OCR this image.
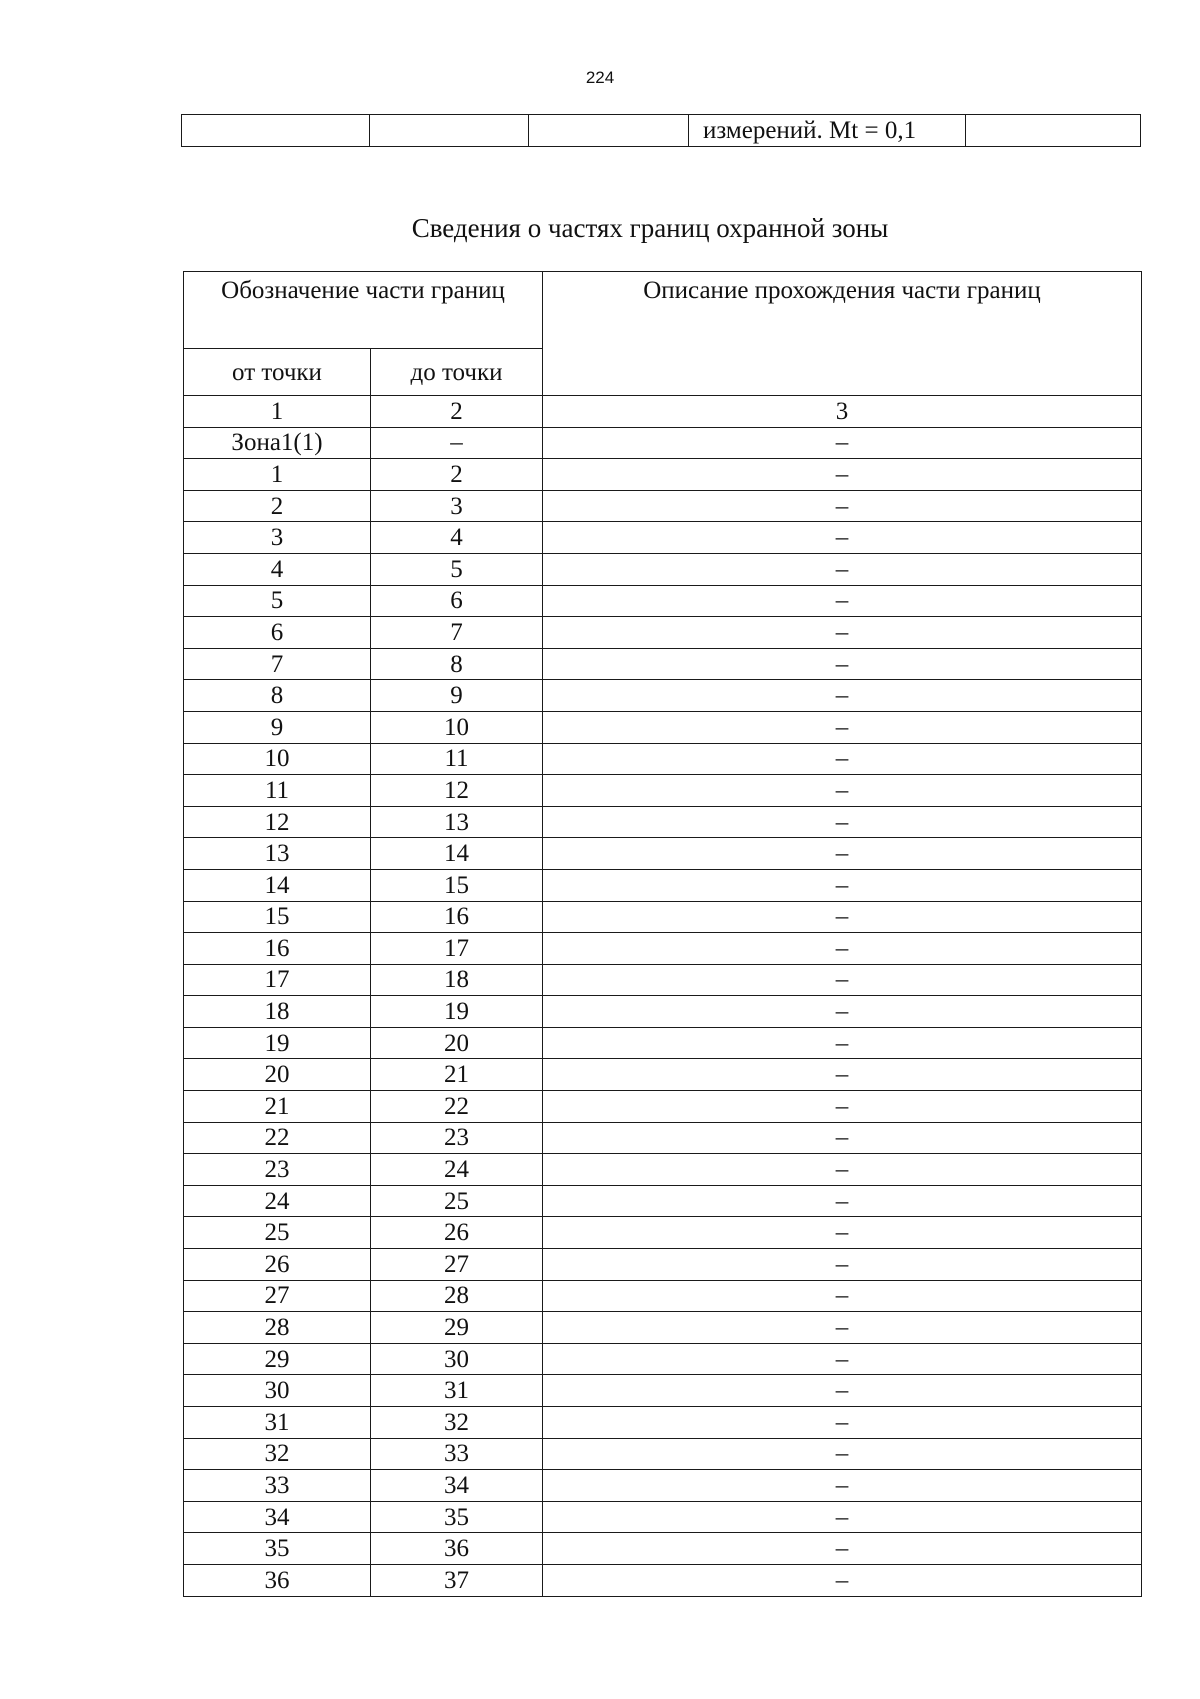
224
			измерений. Mt = 0,1	
Сведения о частях границ охранной зоны
Обозначение части границ		Описание прохождения части границ
от точки	до точки	
1	2	3
Зона1(1)	–	–
1	2	–
2	3	–
3	4	–
4	5	–
5	6	–
6	7	–
7	8	–
8	9	–
9	10	–
10	11	–
11	12	–
12	13	–
13	14	–
14	15	–
15	16	–
16	17	–
17	18	–
18	19	–
19	20	–
20	21	–
21	22	–
22	23	–
23	24	–
24	25	–
25	26	–
26	27	–
27	28	–
28	29	–
29	30	–
30	31	–
31	32	–
32	33	–
33	34	–
34	35	–
35	36	–
36	37	–
